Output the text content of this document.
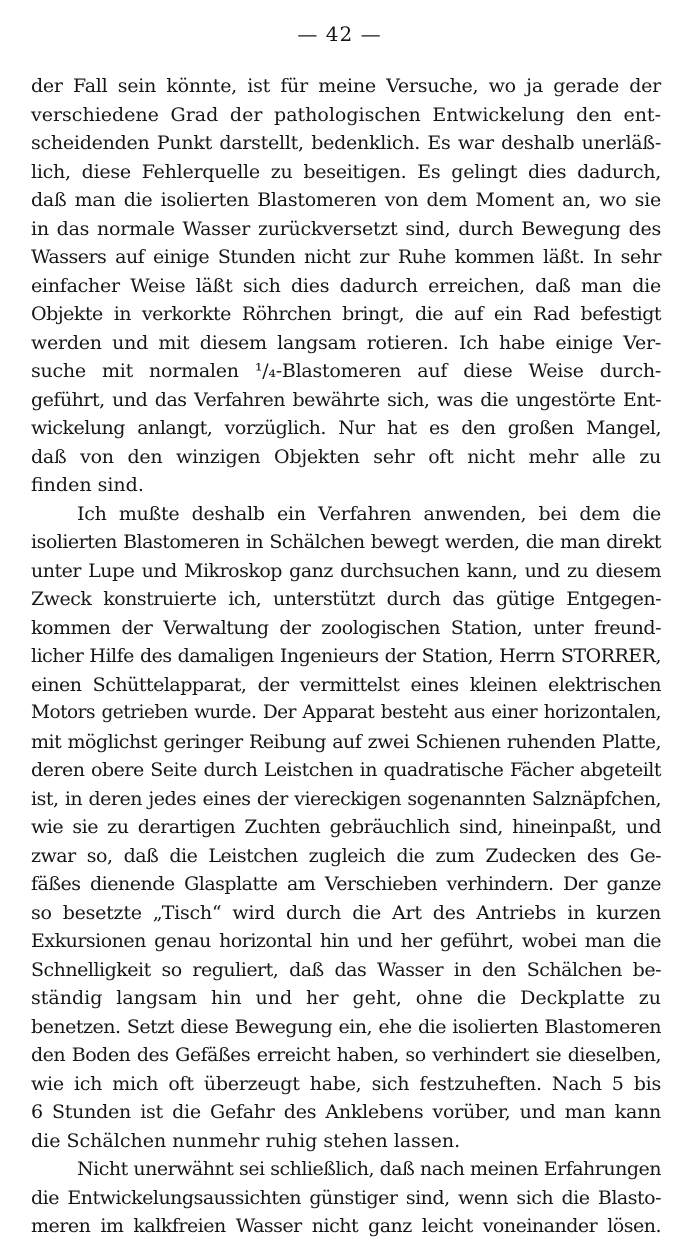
— 42 —
der Fall sein könnte, ist für meine Versuche, wo ja gerade der
verschiedene Grad der pathologischen Entwickelung den ent-
scheidenden Punkt darstellt, bedenklich. Es war deshalb unerläß-
lich, diese Fehlerquelle zu beseitigen. Es gelingt dies dadurch,
daß man die isolierten Blastomeren von dem Moment an, wo sie
in das normale Wasser zurückversetzt sind, durch Bewegung des
Wassers auf einige Stunden nicht zur Ruhe kommen läßt. In sehr
einfacher Weise läßt sich dies dadurch erreichen, daß man die
Objekte in verkorkte Röhrchen bringt, die auf ein Rad befestigt
werden und mit diesem langsam rotieren. Ich habe einige Ver-
suche mit normalen ¹/₄-Blastomeren auf diese Weise durch-
geführt, und das Verfahren bewährte sich, was die ungestörte Ent-
wickelung anlangt, vorzüglich. Nur hat es den großen Mangel,
daß von den winzigen Objekten sehr oft nicht mehr alle zu
finden sind.
Ich mußte deshalb ein Verfahren anwenden, bei dem die
isolierten Blastomeren in Schälchen bewegt werden, die man direkt
unter Lupe und Mikroskop ganz durchsuchen kann, und zu diesem
Zweck konstruierte ich, unterstützt durch das gütige Entgegen-
kommen der Verwaltung der zoologischen Station, unter freund-
licher Hilfe des damaligen Ingenieurs der Station, Herrn STORRER,
einen Schüttelapparat, der vermittelst eines kleinen elektrischen
Motors getrieben wurde. Der Apparat besteht aus einer horizontalen,
mit möglichst geringer Reibung auf zwei Schienen ruhenden Platte,
deren obere Seite durch Leistchen in quadratische Fächer abgeteilt
ist, in deren jedes eines der viereckigen sogenannten Salznäpfchen,
wie sie zu derartigen Zuchten gebräuchlich sind, hineinpaßt, und
zwar so, daß die Leistchen zugleich die zum Zudecken des Ge-
fäßes dienende Glasplatte am Verschieben verhindern. Der ganze
so besetzte „Tisch“ wird durch die Art des Antriebs in kurzen
Exkursionen genau horizontal hin und her geführt, wobei man die
Schnelligkeit so reguliert, daß das Wasser in den Schälchen be-
ständig langsam hin und her geht, ohne die Deckplatte zu
benetzen. Setzt diese Bewegung ein, ehe die isolierten Blastomeren
den Boden des Gefäßes erreicht haben, so verhindert sie dieselben,
wie ich mich oft überzeugt habe, sich festzuheften. Nach 5 bis
6 Stunden ist die Gefahr des Anklebens vorüber, und man kann
die Schälchen nunmehr ruhig stehen lassen.
Nicht unerwähnt sei schließlich, daß nach meinen Erfahrungen
die Entwickelungsaussichten günstiger sind, wenn sich die Blasto-
meren im kalkfreien Wasser nicht ganz leicht voneinander lösen.
